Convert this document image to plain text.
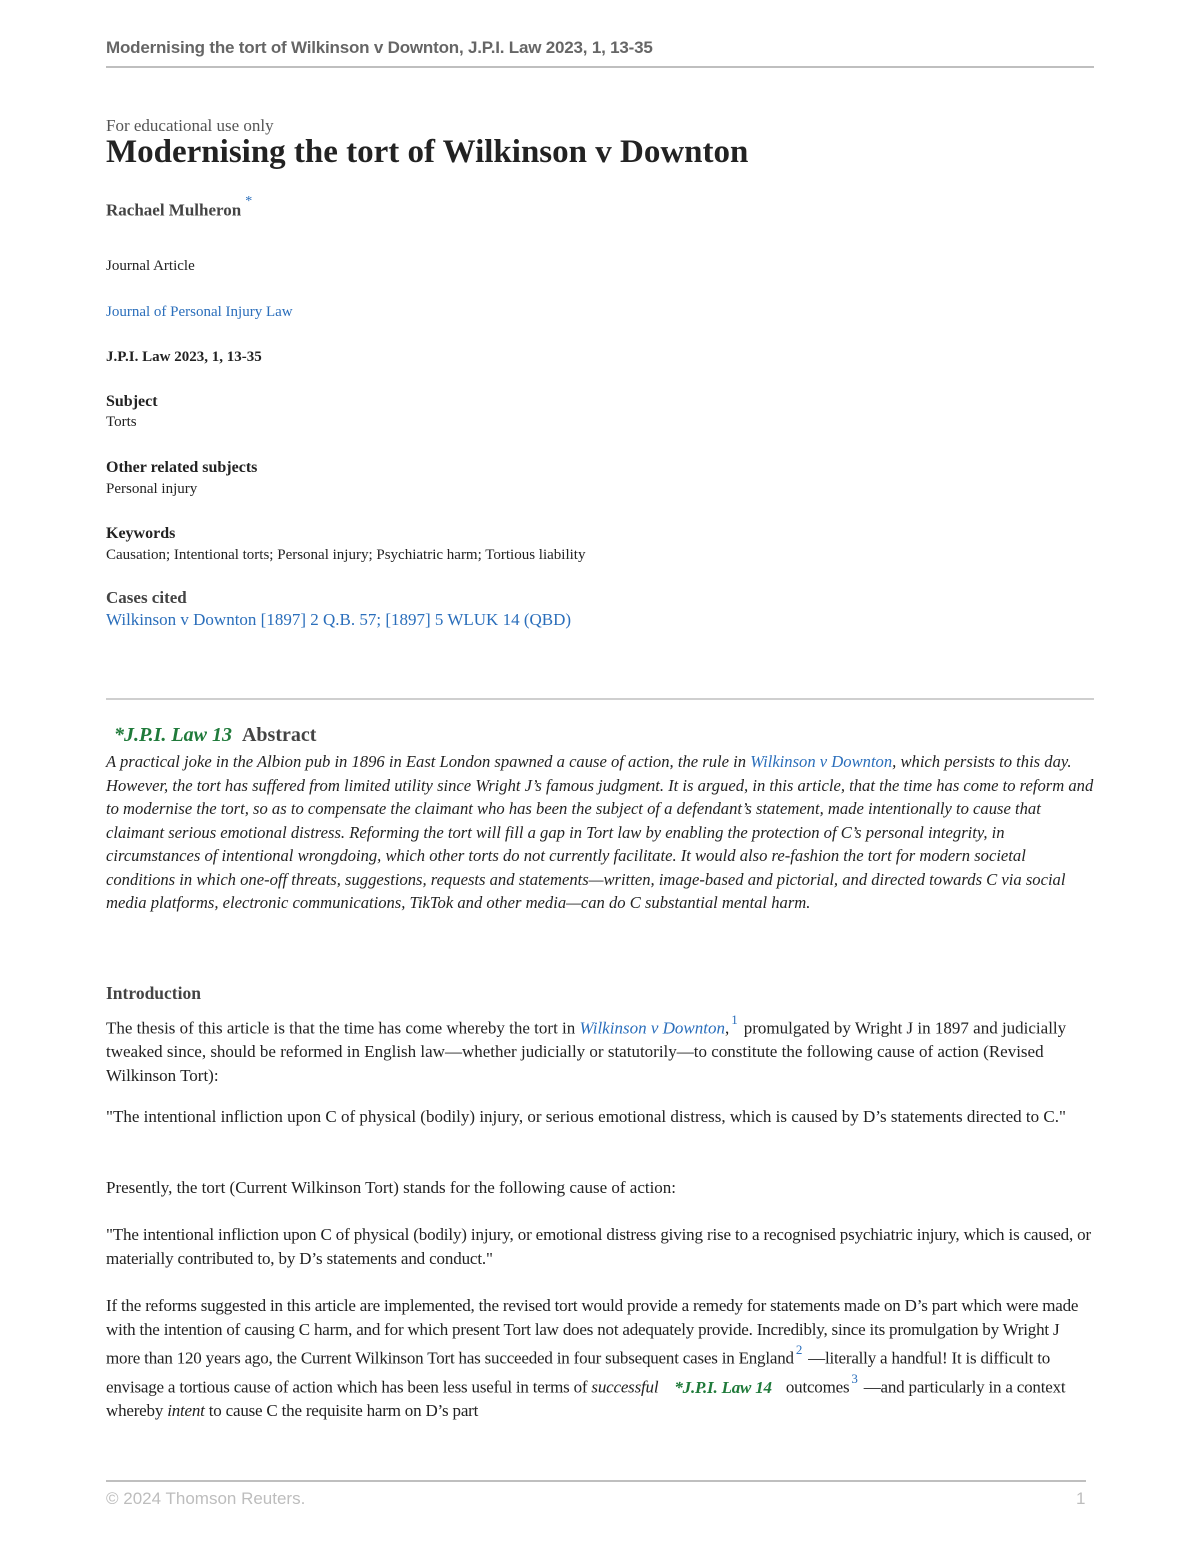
Modernising the tort of Wilkinson v Downton, J.P.I. Law 2023, 1, 13-35
For educational use only
Modernising the tort of Wilkinson v Downton
Rachael Mulheron *
Journal Article
Journal of Personal Injury Law
J.P.I. Law 2023, 1, 13-35
Subject
Torts
Other related subjects
Personal injury
Keywords
Causation; Intentional torts; Personal injury; Psychiatric harm; Tortious liability
Cases cited
Wilkinson v Downton [1897] 2 Q.B. 57; [1897] 5 WLUK 14 (QBD)
*J.P.I. Law 13 Abstract

A practical joke in the Albion pub in 1896 in East London spawned a cause of action, the rule in Wilkinson v Downton, which persists to this day. However, the tort has suffered from limited utility since Wright J’s famous judgment. It is argued, in this article, that the time has come to reform and to modernise the tort, so as to compensate the claimant who has been the subject of a defendant’s statement, made intentionally to cause that claimant serious emotional distress. Reforming the tort will fill a gap in Tort law by enabling the protection of C’s personal integrity, in circumstances of intentional wrongdoing, which other torts do not currently facilitate. It would also re-fashion the tort for modern societal conditions in which one-off threats, suggestions, requests and statements—written, image-based and pictorial, and directed towards C via social media platforms, electronic communications, TikTok and other media—can do C substantial mental harm.

Introduction

The thesis of this article is that the time has come whereby the tort in Wilkinson v Downton, $^1$ promulgated by Wright J in 1897 and judicially tweaked since, should be reformed in English law—whether judicially or statutorily—to constitute the following cause of action (Revised Wilkinson Tort):

"The intentional infliction upon C of physical (bodily) injury, or serious emotional distress, which is caused by D’s statements directed to C."

Presently, the tort (Current Wilkinson Tort) stands for the following cause of action:

"The intentional infliction upon C of physical (bodily) injury, or emotional distress giving rise to a recognised psychiatric injury, which is caused, or materially contributed to, by D’s statements and conduct."

If the reforms suggested in this article are implemented, the revised tort would provide a remedy for statements made on D’s part which were made with the intention of causing C harm, and for which present Tort law does not adequately provide. Incredibly, since its promulgation by Wright J more than 120 years ago, the Current Wilkinson Tort has succeeded in four subsequent cases in England $^2$ —literally a handful! It is difficult to envisage a tortious cause of action which has been less useful in terms of successful *J.P.I. Law 14 outcomes $^3$ —and particularly in a context whereby intent to cause C the requisite harm on D’s part

© 2024 Thomson Reuters.	1
